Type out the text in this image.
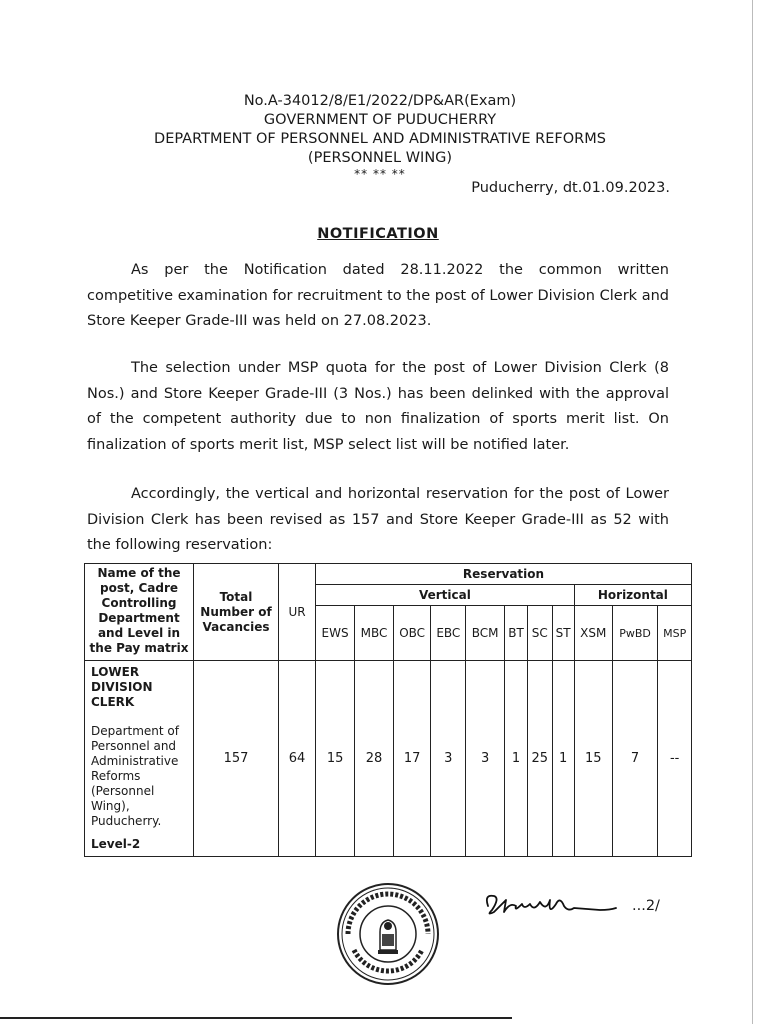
No.A-34012/8/E1/2022/DP&AR(Exam)
GOVERNMENT OF PUDUCHERRY
DEPARTMENT OF PERSONNEL AND ADMINISTRATIVE REFORMS
(PERSONNEL WING)
** ** **
Puducherry, dt.01.09.2023.
NOTIFICATION
As per the Notification dated 28.11.2022 the common written competitive examination for recruitment to the post of Lower Division Clerk and Store Keeper Grade-III was held on 27.08.2023.
The selection under MSP quota for the post of Lower Division Clerk (8 Nos.) and Store Keeper Grade-III (3 Nos.) has been delinked with the approval of the competent authority due to non finalization of sports merit list. On finalization of sports merit list, MSP select list will be notified later.
Accordingly, the vertical and horizontal reservation for the post of Lower Division Clerk has been revised as 157 and Store Keeper Grade-III as 52 with the following reservation:
Name of the post, Cadre Controlling Department and Level in the Pay matrix	Total Number of Vacancies	UR	Reservation										
			Vertical								Horizontal		
			EWS	MBC	OBC	EBC	BCM	BT	SC	ST	XSM	PwBD	MSP

LOWER DIVISION CLERK
Department of Personnel and Administrative Reforms (Personnel Wing), Puducherry.
Level-2	157	64	15	28	17	3	3	1	25	1	15	7	--
...2/
